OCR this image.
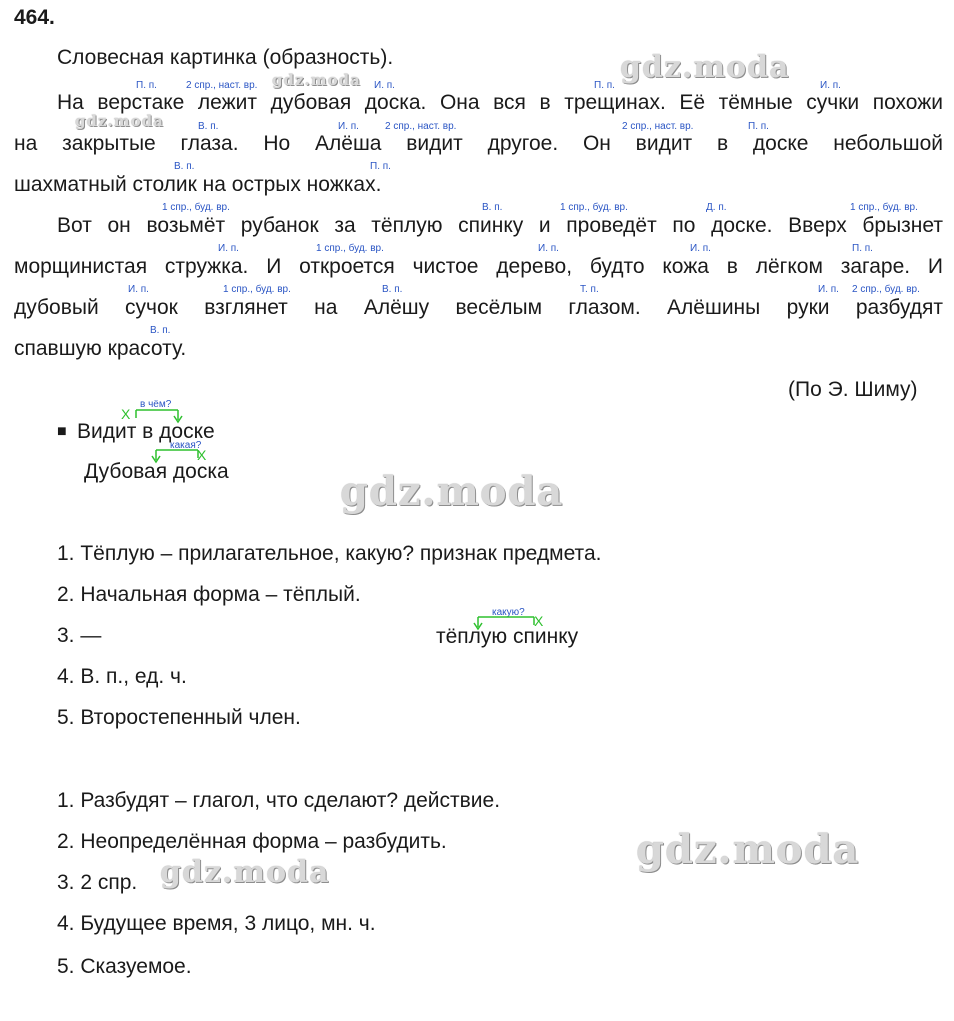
464.
Словесная картинка (образность).	gdz.moda
gdz.moda
gdz.moda
gdz.moda
gdz.moda
gdz.moda
П. п.	2 спр., наст. вр.	И. п.	П. п.	И. п.
В. п.	И. п.	2 спр., наст. вр.	2 спр., наст. вр.	П. п.
В. п.	П. п.
1 спр., буд. вр.	В. п.	1 спр., буд. вр.	Д. п.	1 спр., буд. вр.
И. п.	1 спр., буд. вр.	И. п.	И. п.	П. п.
И. п.	1 спр., буд. вр.	В. п.	Т. п.	И. п. 2 спр., буд. вр.
В. п.
На верстаке лежит дубовая доска. Она вся в трещинах. Её тёмные сучки похожи
на закрытые глаза. Но Алёша видит другое. Он видит в доске небольшой
шахматный столик на острых ножках.
Вот он возьмёт рубанок за тёплую спинку и проведёт по доске. Вверх брызнет
морщинистая стружка. И откроется чистое дерево, будто кожа в лёгком загаре. И
дубовый сучок взглянет на Алёшу весёлым глазом. Алёшины руки разбудят
спавшую красоту.
(По Э. Шиму)
■
в чём?
X
Видит в доске
какая?
X
Дубовая доска
1. Тёплую – прилагательное, какую? признак предмета.
2. Начальная форма – тёплый.
3. —
4. В. п., ед. ч.
5. Второстепенный член.
какую?
X
тёплую спинку
1. Разбудят – глагол, что сделают? действие.
2. Неопределённая форма – разбудить.
3. 2 спр.
4. Будущее время, 3 лицо, мн. ч.
5. Сказуемое.
